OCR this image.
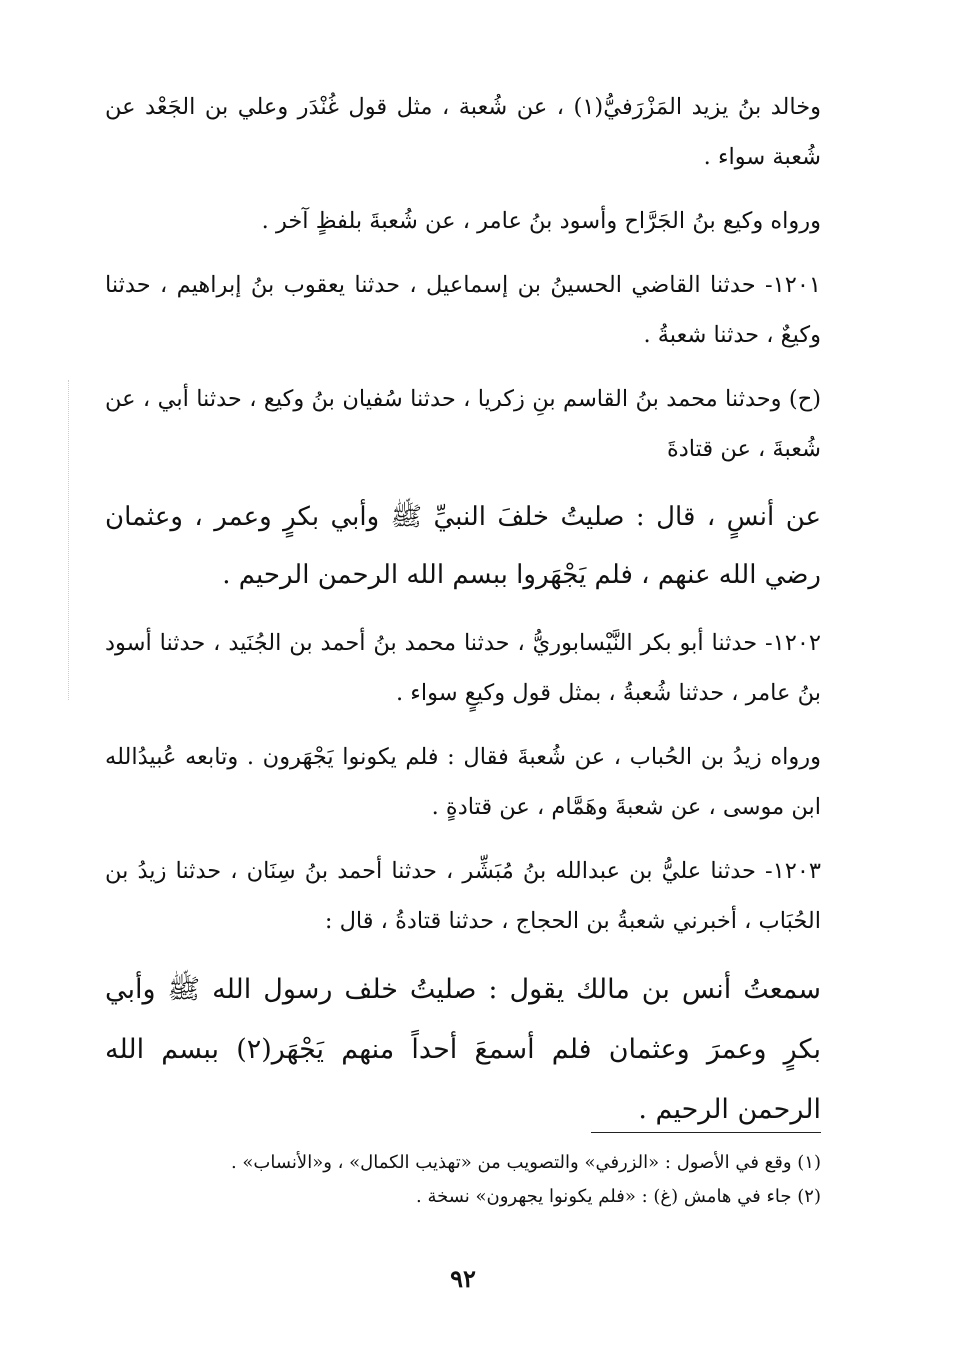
وخالد بنُ يزيد المَزْرَفيُّ(١) ، عن شُعبة ، مثل قول غُنْدَر وعلي بن الجَعْد عن شُعبة سواء .

ورواه وكيع بنُ الجَرَّاح وأسود بنُ عامر ، عن شُعبةَ بلفظٍ آخر .

١٢٠١- حدثنا القاضي الحسينُ بن إسماعيل ، حدثنا يعقوب بنُ إبراهيم ، حدثنا وكيعٌ ، حدثنا شعبةُ .

(ح) وحدثنا محمد بنُ القاسم بنِ زكريا ، حدثنا سُفيان بنُ وكيع ، حدثنا أبي ، عن شُعبةَ ، عن قتادةَ

عن أنسٍ ، قال : صليتُ خلفَ النبيِّ ﷺ وأبي بكرٍ وعمر ، وعثمان رضي الله عنهم ، فلم يَجْهَروا ببسم الله الرحمن الرحيم .

١٢٠٢- حدثنا أبو بكر النَّيْسابوريُّ ، حدثنا محمد بنُ أحمد بن الجُنَيد ، حدثنا أسود بنُ عامر ، حدثنا شُعبةُ ، بمثل قول وكيعٍ سواء .

ورواه زيدُ بن الحُباب ، عن شُعبةَ فقال : فلم يكونوا يَجْهَرون . وتابعه عُبيدُالله ابن موسى ، عن شعبةَ وهَمَّام ، عن قتادةٍ .

١٢٠٣- حدثنا عليُّ بن عبدالله بنُ مُبَشِّر ، حدثنا أحمد بنُ سِنَان ، حدثنا زيدُ بن الحُبَاب ، أخبرني شعبةُ بن الحجاج ، حدثنا قتادةُ ، قال :

سمعتُ أنس بن مالك يقول : صليتُ خلف رسول الله ﷺ وأبي بكرٍ وعمرَ وعثمان فلم أسمعَ أحداً منهم يَجْهَر(٢) ببسم الله الرحمن الرحيم .

(١) وقع في الأصول : «الزرفي» والتصويب من «تهذيب الكمال» ، و«الأنساب» .

(٢) جاء في هامش (غ) : «فلم يكونوا يجهرون» نسخة .

٩٢
